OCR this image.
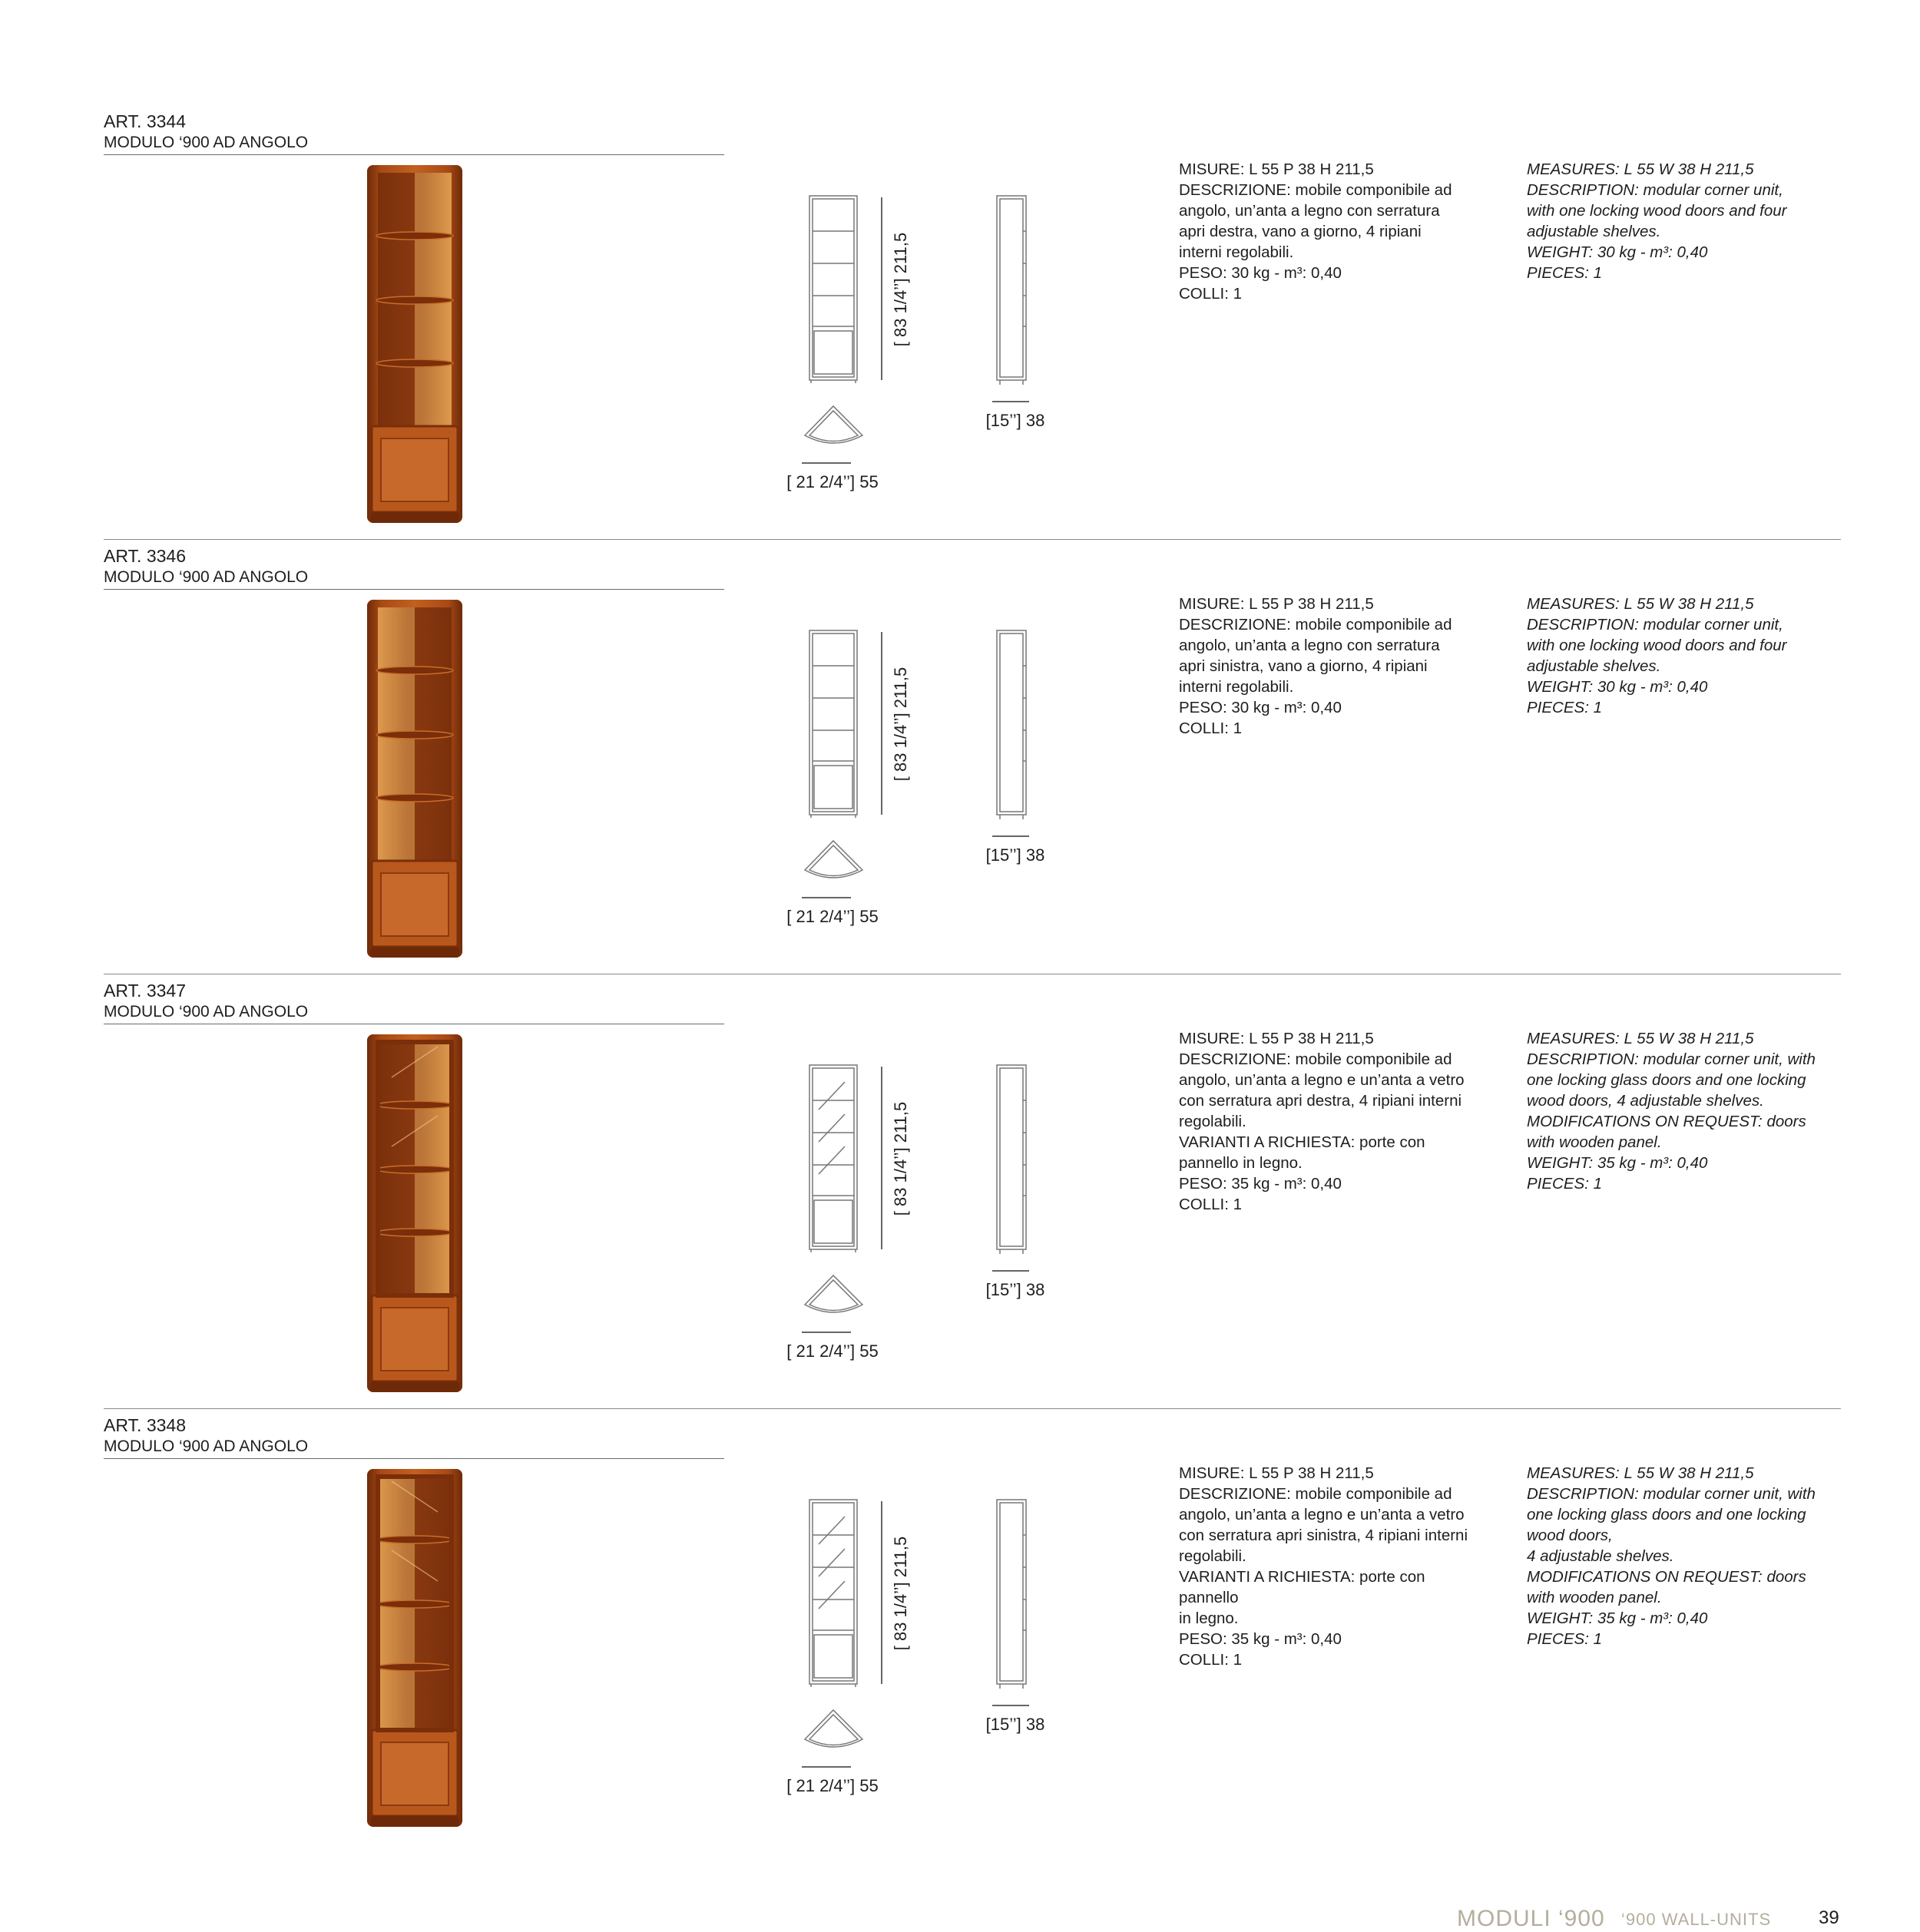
ART. 3344
MODULO ‘900 AD ANGOLO
[ 83 1/4’’] 211,5
[ 21 2/4’’] 55
[15’’] 38
MISURE: L 55 P 38 H 211,5
DESCRIZIONE: mobile componibile ad
angolo, un’anta a legno con serratura
apri destra, vano a giorno, 4 ripiani
interni regolabili.
PESO: 30 kg - m³: 0,40
COLLI: 1
MEASURES: L 55 W 38 H 211,5
DESCRIPTION: modular corner unit,
with one locking wood doors and four
adjustable shelves.
WEIGHT: 30 kg - m³: 0,40
PIECES: 1
ART. 3346
MODULO ‘900 AD ANGOLO
[ 83 1/4’’] 211,5
[ 21 2/4’’] 55
[15’’] 38
MISURE: L 55 P 38 H 211,5
DESCRIZIONE: mobile componibile ad
angolo, un’anta a legno con serratura
apri sinistra, vano a giorno, 4 ripiani
interni regolabili.
PESO: 30 kg - m³: 0,40
COLLI: 1
MEASURES: L 55 W 38 H 211,5
DESCRIPTION: modular corner unit,
with one locking wood doors and four
adjustable shelves.
WEIGHT: 30 kg - m³: 0,40
PIECES: 1
ART. 3347
MODULO ‘900 AD ANGOLO
[ 83 1/4’’] 211,5
[ 21 2/4’’] 55
[15’’] 38
MISURE: L 55 P 38 H 211,5
DESCRIZIONE: mobile componibile ad
angolo, un’anta a legno e un’anta a vetro
con serratura apri destra, 4 ripiani interni
regolabili.
VARIANTI A RICHIESTA: porte con
pannello in legno.
PESO: 35 kg - m³: 0,40
COLLI: 1
MEASURES: L 55 W 38 H 211,5
DESCRIPTION: modular corner unit, with
one locking glass doors and one locking
wood doors, 4 adjustable shelves.
MODIFICATIONS ON REQUEST: doors
with wooden panel.
WEIGHT: 35 kg - m³: 0,40
PIECES: 1
ART. 3348
MODULO ‘900 AD ANGOLO
[ 83 1/4’’] 211,5
[ 21 2/4’’] 55
[15’’] 38
MISURE: L 55 P 38 H 211,5
DESCRIZIONE: mobile componibile ad
angolo, un’anta a legno e un’anta a vetro
con serratura apri sinistra, 4 ripiani interni
regolabili.
VARIANTI A RICHIESTA: porte con
pannello
in legno.
PESO: 35 kg - m³: 0,40
COLLI: 1
MEASURES: L 55 W 38 H 211,5
DESCRIPTION: modular corner unit, with
one locking glass doors and one locking
wood doors,
4 adjustable shelves.
MODIFICATIONS ON REQUEST: doors
with wooden panel.
WEIGHT: 35 kg - m³: 0,40
PIECES: 1
MODULI ‘900 ‘900 WALL-UNITS	39
